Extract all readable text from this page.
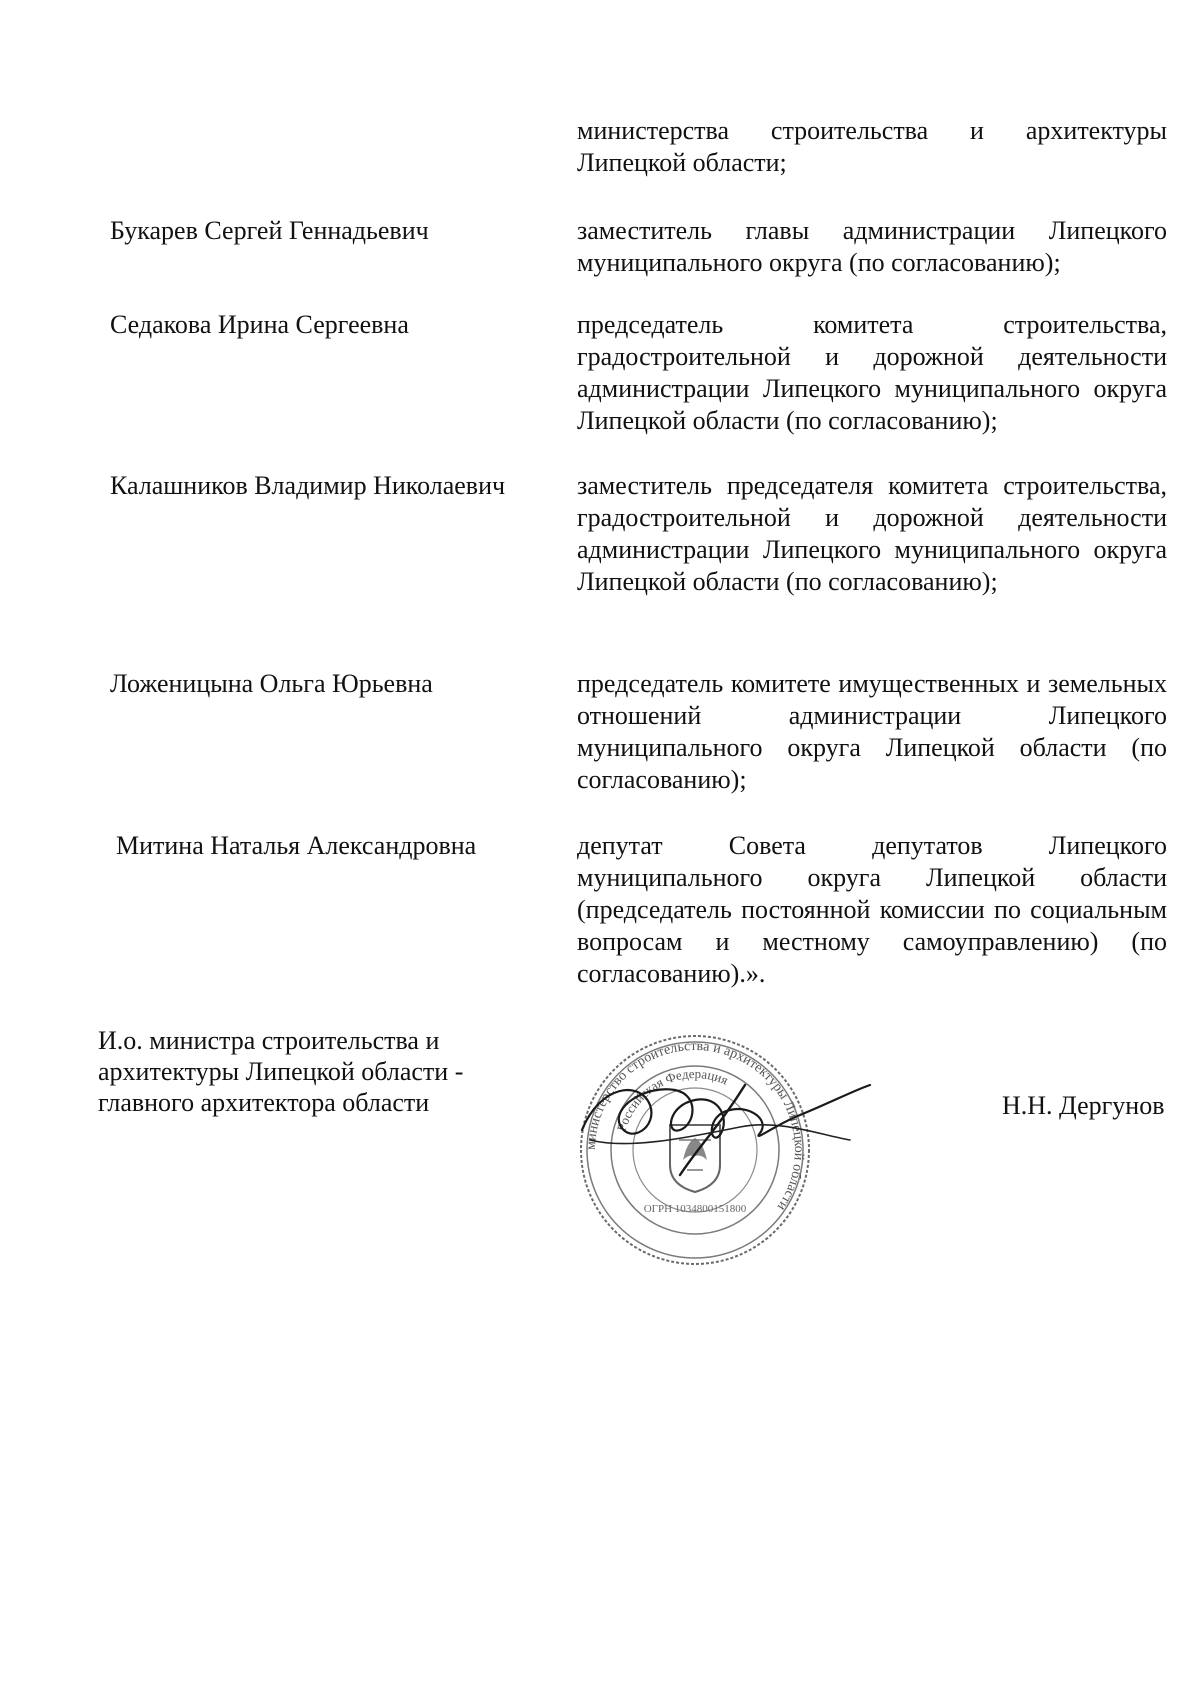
министерства строительства и архитектуры Липецкой области;
Букарев Сергей Геннадьевич	заместитель главы администрации Липецкого муниципального округа (по согласованию);
Седакова Ирина Сергеевна	председатель комитета строительства, градостроительной и дорожной деятельности администрации Липецкого муниципального округа Липецкой области (по согласованию);
Калашников Владимир Николаевич	заместитель председателя комитета строительства, градостроительной и дорожной деятельности администрации Липецкого муниципального округа Липецкой области (по согласованию);
Ложеницына Ольга Юрьевна	председатель комитете имущественных и земельных отношений администрации Липецкого муниципального округа Липецкой области (по согласованию);
Митина Наталья Александровна	депутат Совета депутатов Липецкого муниципального округа Липецкой области (председатель постоянной комиссии по социальным вопросам и местному самоуправлению) (по согласованию).».
И.о. министра строительства и
архитектуры Липецкой области -
главного архитектора области
министерство строительства и архитектуры Липецкой области
Российская Федерация
ОГРН 1034800151800
Н.Н. Дергунов
